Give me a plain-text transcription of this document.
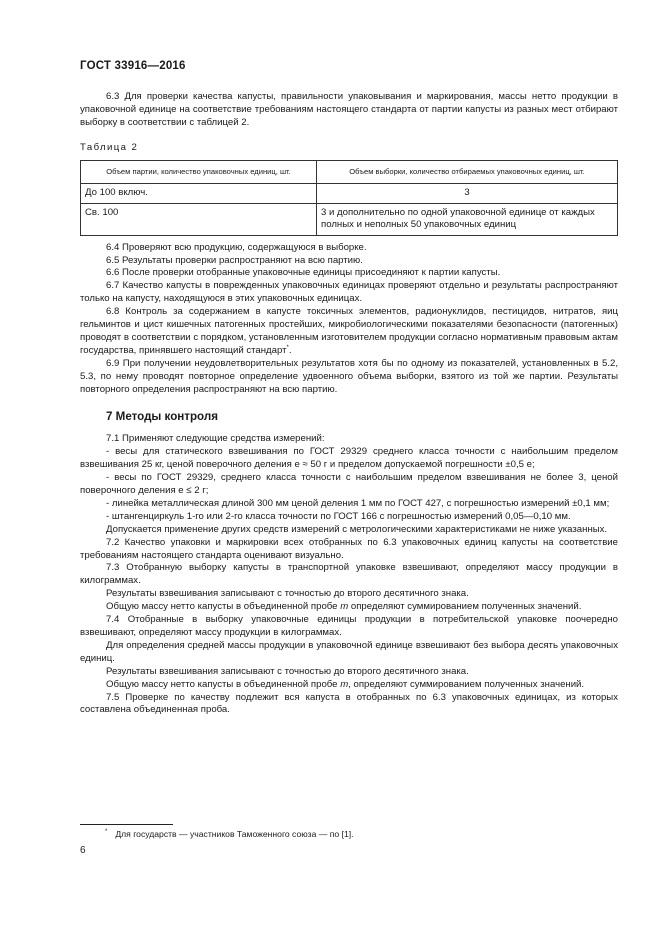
ГОСТ 33916—2016

6.3 Для проверки качества капусты, правильности упаковывания и маркирования, массы нетто продукции в упаковочной единице на соответствие требованиям настоящего стандарта от партии капусты из разных мест отбирают выборку в соответствии с таблицей 2.

Таблица 2

Объем партии, количество упаковочных единиц, шт.	Объем выборки, количество отбираемых упаковочных единиц, шт.
До 100 включ.	3
Св. 100	3 и дополнительно по одной упаковочной единице от каждых полных и неполных 50 упаковочных единиц

6.4 Проверяют всю продукцию, содержащуюся в выборке.

6.5 Результаты проверки распространяют на всю партию.

6.6 После проверки отобранные упаковочные единицы присоединяют к партии капусты.

6.7 Качество капусты в поврежденных упаковочных единицах проверяют отдельно и результаты распространяют только на капусту, находящуюся в этих упаковочных единицах.

6.8 Контроль за содержанием в капусте токсичных элементов, радионуклидов, пестицидов, нитратов, яиц гельминтов и цист кишечных патогенных простейших, микробиологическими показателями безопасности (патогенных) проводят в соответствии с порядком, установленным изготовителем продукции согласно нормативным правовым актам государства, принявшего настоящий стандарт*.

6.9 При получении неудовлетворительных результатов хотя бы по одному из показателей, установленных в 5.2, 5.3, по нему проводят повторное определение удвоенного объема выборки, взятого из той же партии. Результаты повторного определения распространяют на всю партию.

7 Методы контроля

7.1 Применяют следующие средства измерений:

- весы для статического взвешивания по ГОСТ 29329 среднего класса точности с наибольшим пределом взвешивания 25 кг, ценой поверочного деления е ≈ 50 г и пределом допускаемой погрешности ±0,5 е;

- весы по ГОСТ 29329, среднего класса точности с наибольшим пределом взвешивания не более 3, ценой поверочного деления е ≤ 2 г;

- линейка металлическая длиной 300 мм ценой деления 1 мм по ГОСТ 427, с погрешностью измерений ±0,1 мм;

- штангенциркуль 1-го или 2-го класса точности по ГОСТ 166 с погрешностью измерений 0,05—0,10 мм.

Допускается применение других средств измерений с метрологическими характеристиками не ниже указанных.

7.2 Качество упаковки и маркировки всех отобранных по 6.3 упаковочных единиц капусты на соответствие требованиям настоящего стандарта оценивают визуально.

7.3 Отобранную выборку капусты в транспортной упаковке взвешивают, определяют массу продукции в килограммах.

Результаты взвешивания записывают с точностью до второго десятичного знака.

Общую массу нетто капусты в объединенной пробе m определяют суммированием полученных значений.

7.4 Отобранные в выборку упаковочные единицы продукции в потребительской упаковке поочередно взвешивают, определяют массу продукции в килограммах.

Для определения средней массы продукции в упаковочной единице взвешивают без выбора десять упаковочных единиц.

Результаты взвешивания записывают с точностью до второго десятичного знака.

Общую массу нетто капусты в объединенной пробе m, определяют суммированием полученных значений.

7.5 Проверке по качеству подлежит вся капуста в отобранных по 6.3 упаковочных единицах, из которых составлена объединенная проба.

* Для государств — участников Таможенного союза — по [1].
6
